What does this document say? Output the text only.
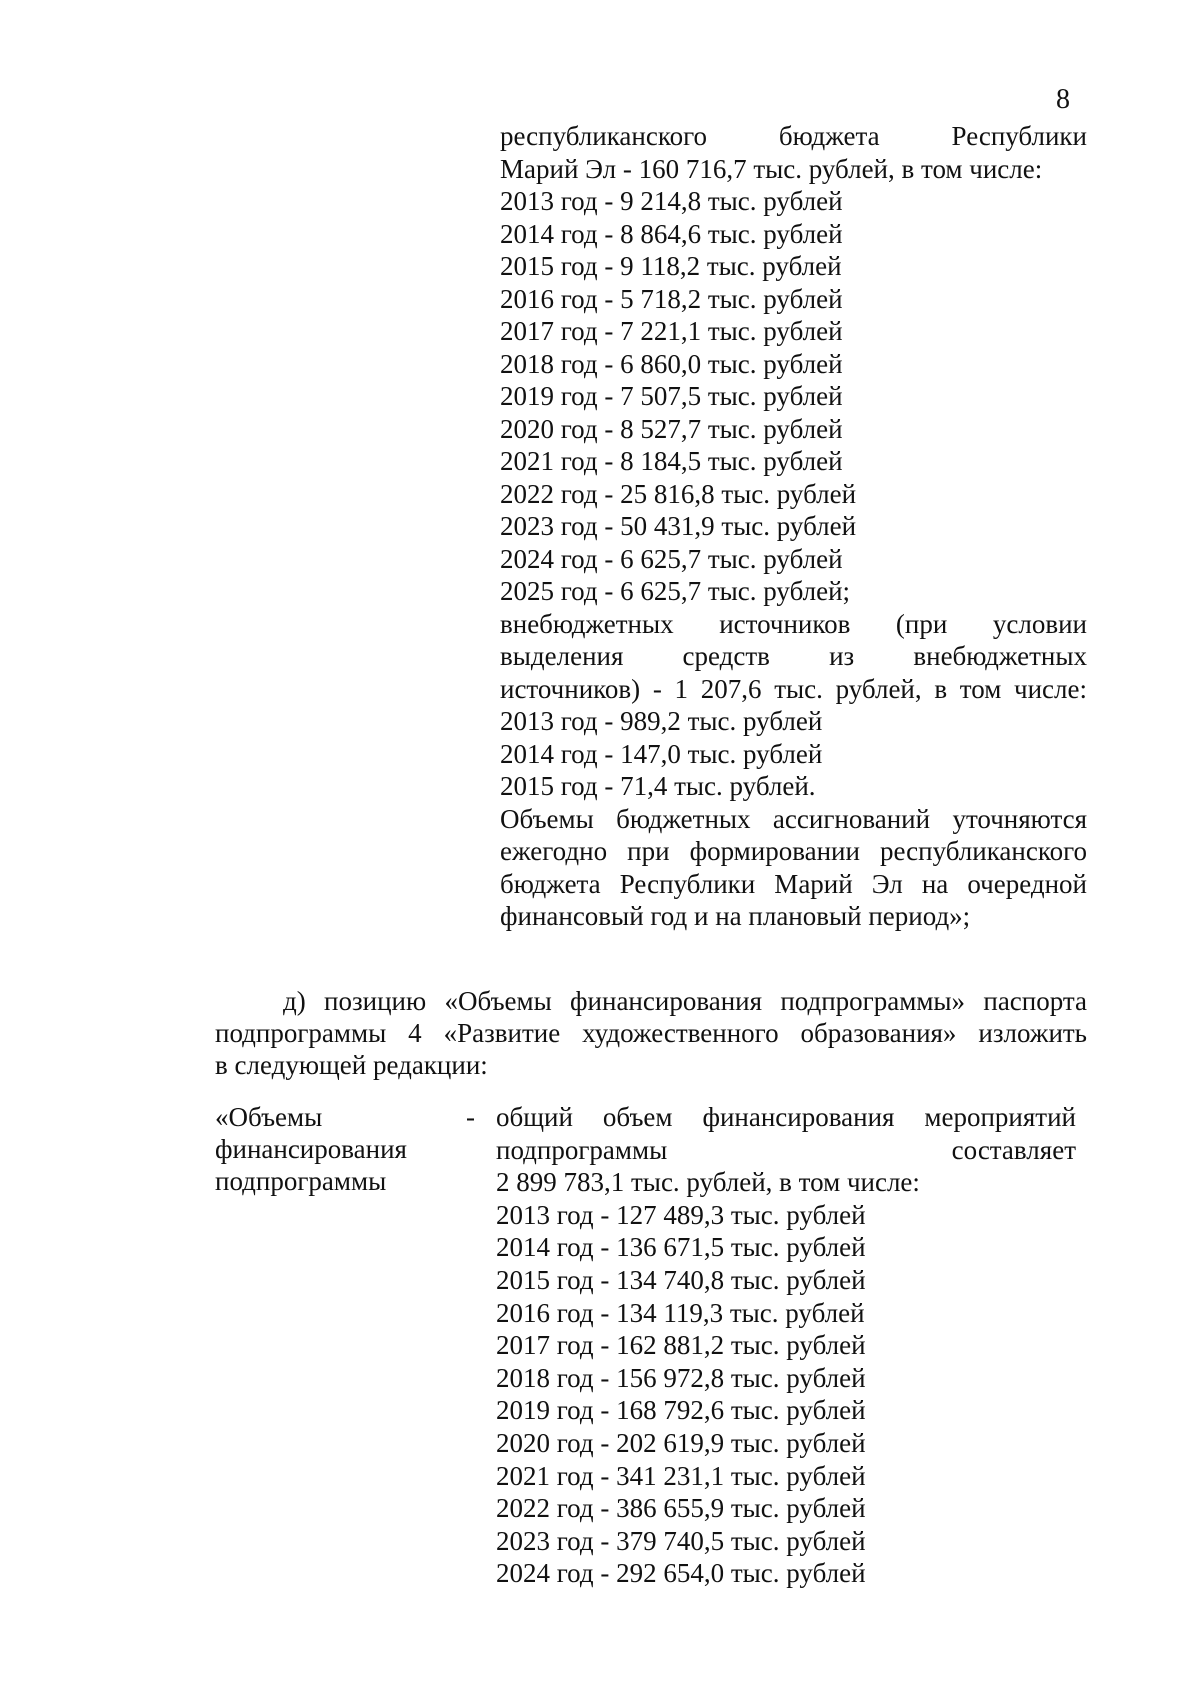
8
республиканского бюджета Республики
Марий Эл - 160 716,7 тыс. рублей, в том числе:
2013 год - 9 214,8 тыс. рублей
2014 год - 8 864,6 тыс. рублей
2015 год - 9 118,2 тыс. рублей
2016 год - 5 718,2 тыс. рублей
2017 год - 7 221,1 тыс. рублей
2018 год - 6 860,0 тыс. рублей
2019 год - 7 507,5 тыс. рублей
2020 год - 8 527,7 тыс. рублей
2021 год - 8 184,5 тыс. рублей
2022 год - 25 816,8 тыс. рублей
2023 год - 50 431,9 тыс. рублей
2024 год - 6 625,7 тыс. рублей
2025 год - 6 625,7 тыс. рублей;
внебюджетных источников (при условии
выделения средств из внебюджетных
источников) - 1 207,6 тыс. рублей, в том числе:
2013 год - 989,2 тыс. рублей
2014 год - 147,0 тыс. рублей
2015 год - 71,4 тыс. рублей.
Объемы бюджетных ассигнований уточняются
ежегодно при формировании республиканского
бюджета Республики Марий Эл на очередной
финансовый год и на плановый период»;
д) позицию «Объемы финансирования подпрограммы» паспорта
подпрограммы 4 «Развитие художественного образования» изложить
в следующей редакции:
«Объемы
финансирования
подпрограммы
- общий объем финансирования мероприятий
подпрограммы составляет
2 899 783,1 тыс. рублей, в том числе:
2013 год - 127 489,3 тыс. рублей
2014 год - 136 671,5 тыс. рублей
2015 год - 134 740,8 тыс. рублей
2016 год - 134 119,3 тыс. рублей
2017 год - 162 881,2 тыс. рублей
2018 год - 156 972,8 тыс. рублей
2019 год - 168 792,6 тыс. рублей
2020 год - 202 619,9 тыс. рублей
2021 год - 341 231,1 тыс. рублей
2022 год - 386 655,9 тыс. рублей
2023 год - 379 740,5 тыс. рублей
2024 год - 292 654,0 тыс. рублей
